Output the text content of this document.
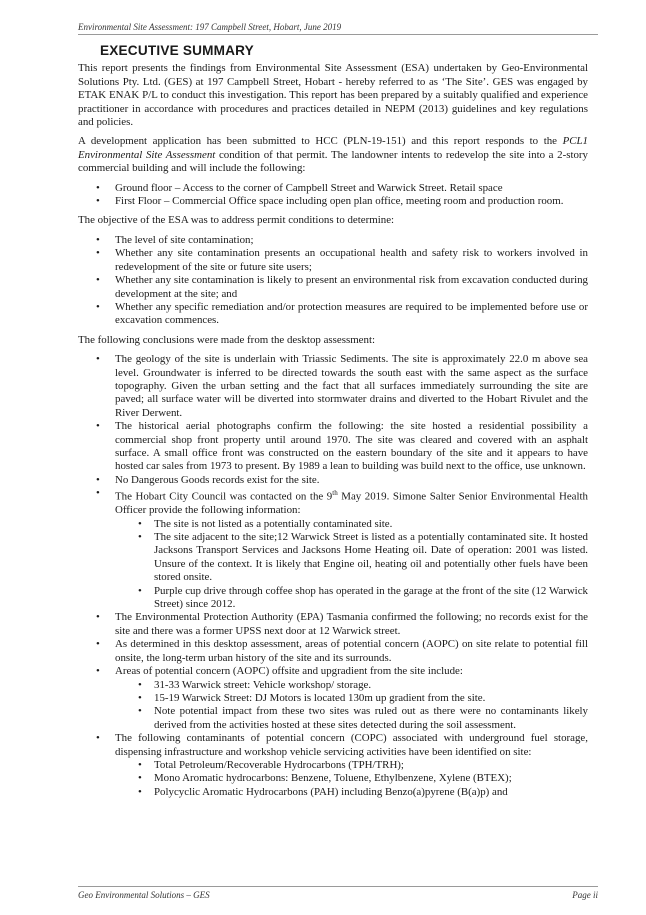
Environmental Site Assessment: 197 Campbell Street, Hobart, June 2019
EXECUTIVE SUMMARY

This report presents the findings from Environmental Site Assessment (ESA) undertaken by Geo-Environmental Solutions Pty. Ltd. (GES) at 197 Campbell Street, Hobart - hereby referred to as ‘The Site’. GES was engaged by ETAK ENAK P/L to conduct this investigation. This report has been prepared by a suitably qualified and experience practitioner in accordance with procedures and practices detailed in NEPM (2013) guidelines and key regulations and policies.

A development application has been submitted to HCC (PLN-19-151) and this report responds to the PCL1 Environmental Site Assessment condition of that permit. The landowner intents to redevelop the site into a 2-story commercial building and will include the following:

• Ground floor – Access to the corner of Campbell Street and Warwick Street. Retail space
• First Floor – Commercial Office space including open plan office, meeting room and production room.

The objective of the ESA was to address permit conditions to determine:

• The level of site contamination;
• Whether any site contamination presents an occupational health and safety risk to workers involved in redevelopment of the site or future site users;
• Whether any site contamination is likely to present an environmental risk from excavation conducted during development at the site; and
• Whether any specific remediation and/or protection measures are required to be implemented before use or excavation commences.

The following conclusions were made from the desktop assessment:

• The geology of the site is underlain with Triassic Sediments. The site is approximately 22.0 m above sea level. Groundwater is inferred to be directed towards the south east with the same aspect as the surface topography. Given the urban setting and the fact that all surfaces immediately surrounding the site are paved; all surface water will be diverted into stormwater drains and diverted to the Hobart Rivulet and the River Derwent.
• The historical aerial photographs confirm the following: the site hosted a residential possibility a commercial shop front property until around 1970. The site was cleared and covered with an asphalt surface. A small office front was constructed on the eastern boundary of the site and it appears to have hosted car sales from 1973 to present. By 1989 a lean to building was build next to the office, use unknown.
• No Dangerous Goods records exist for the site.
• The Hobart City Council was contacted on the 9th May 2019. Simone Salter Senior Environmental Health Officer provide the following information:
• The site is not listed as a potentially contaminated site.
• The site adjacent to the site;12 Warwick Street is listed as a potentially contaminated site. It hosted Jacksons Transport Services and Jacksons Home Heating oil. Date of operation: 2001 was listed. Unsure of the context. It is likely that Engine oil, heating oil and potentially other fuels have been stored onsite.
• Purple cup drive through coffee shop has operated in the garage at the front of the site (12 Warwick Street) since 2012.
• The Environmental Protection Authority (EPA) Tasmania confirmed the following; no records exist for the site and there was a former UPSS next door at 12 Warwick street.
• As determined in this desktop assessment, areas of potential concern (AOPC) on site relate to potential fill onsite, the long-term urban history of the site and its surrounds.
• Areas of potential concern (AOPC) offsite and upgradient from the site include:
• 31-33 Warwick street: Vehicle workshop/ storage.
• 15-19 Warwick Street: DJ Motors is located 130m up gradient from the site.
• Note potential impact from these two sites was ruled out as there were no contaminants likely derived from the activities hosted at these sites detected during the soil assessment.
• The following contaminants of potential concern (COPC) associated with underground fuel storage, dispensing infrastructure and workshop vehicle servicing activities have been identified on site:
• Total Petroleum/Recoverable Hydrocarbons (TPH/TRH);
• Mono Aromatic hydrocarbons: Benzene, Toluene, Ethylbenzene, Xylene (BTEX);
• Polycyclic Aromatic Hydrocarbons (PAH) including Benzo(a)pyrene (B(a)p) and
Geo Environmental Solutions – GES	Page ii
